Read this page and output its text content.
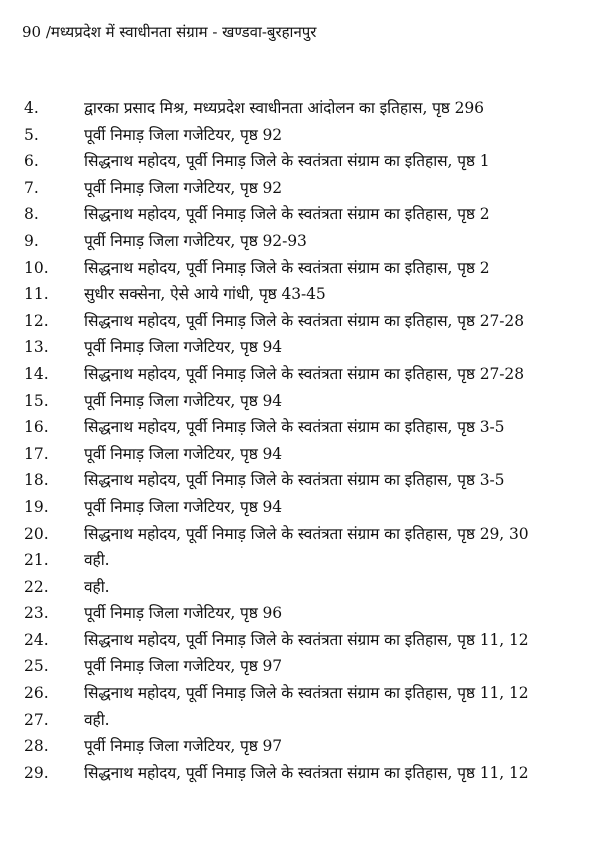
90 /मध्यप्रदेश में स्वाधीनता संग्राम - खण्डवा-बुरहानपुर
4.	द्वारका प्रसाद मिश्र, मध्यप्रदेश स्वाधीनता आंदोलन का इतिहास, पृष्ठ 296
5.	पूर्वी निमाड़ जिला गजेटियर, पृष्ठ 92
6.	सिद्धनाथ महोदय, पूर्वी निमाड़ जिले के स्वतंत्रता संग्राम का इतिहास, पृष्ठ 1
7.	पूर्वी निमाड़ जिला गजेटियर, पृष्ठ 92
8.	सिद्धनाथ महोदय, पूर्वी निमाड़ जिले के स्वतंत्रता संग्राम का इतिहास, पृष्ठ 2
9.	पूर्वी निमाड़ जिला गजेटियर, पृष्ठ 92-93
10. सिद्धनाथ महोदय, पूर्वी निमाड़ जिले के स्वतंत्रता संग्राम का इतिहास, पृष्ठ 2
11. सुधीर सक्सेना, ऐसे आये गांधी, पृष्ठ 43-45
12. सिद्धनाथ महोदय, पूर्वी निमाड़ जिले के स्वतंत्रता संग्राम का इतिहास, पृष्ठ 27-28
13. पूर्वी निमाड़ जिला गजेटियर, पृष्ठ 94
14. सिद्धनाथ महोदय, पूर्वी निमाड़ जिले के स्वतंत्रता संग्राम का इतिहास, पृष्ठ 27-28
15. पूर्वी निमाड़ जिला गजेटियर, पृष्ठ 94
16. सिद्धनाथ महोदय, पूर्वी निमाड़ जिले के स्वतंत्रता संग्राम का इतिहास, पृष्ठ 3-5
17. पूर्वी निमाड़ जिला गजेटियर, पृष्ठ 94
18. सिद्धनाथ महोदय, पूर्वी निमाड़ जिले के स्वतंत्रता संग्राम का इतिहास, पृष्ठ 3-5
19. पूर्वी निमाड़ जिला गजेटियर, पृष्ठ 94
20. सिद्धनाथ महोदय, पूर्वी निमाड़ जिले के स्वतंत्रता संग्राम का इतिहास, पृष्ठ 29, 30
21. वही.
22. वही.
23. पूर्वी निमाड़ जिला गजेटियर, पृष्ठ 96
24. सिद्धनाथ महोदय, पूर्वी निमाड़ जिले के स्वतंत्रता संग्राम का इतिहास, पृष्ठ 11, 12
25. पूर्वी निमाड़ जिला गजेटियर, पृष्ठ 97
26. सिद्धनाथ महोदय, पूर्वी निमाड़ जिले के स्वतंत्रता संग्राम का इतिहास, पृष्ठ 11, 12
27. वही.
28. पूर्वी निमाड़ जिला गजेटियर, पृष्ठ 97
29. सिद्धनाथ महोदय, पूर्वी निमाड़ जिले के स्वतंत्रता संग्राम का इतिहास, पृष्ठ 11, 12
